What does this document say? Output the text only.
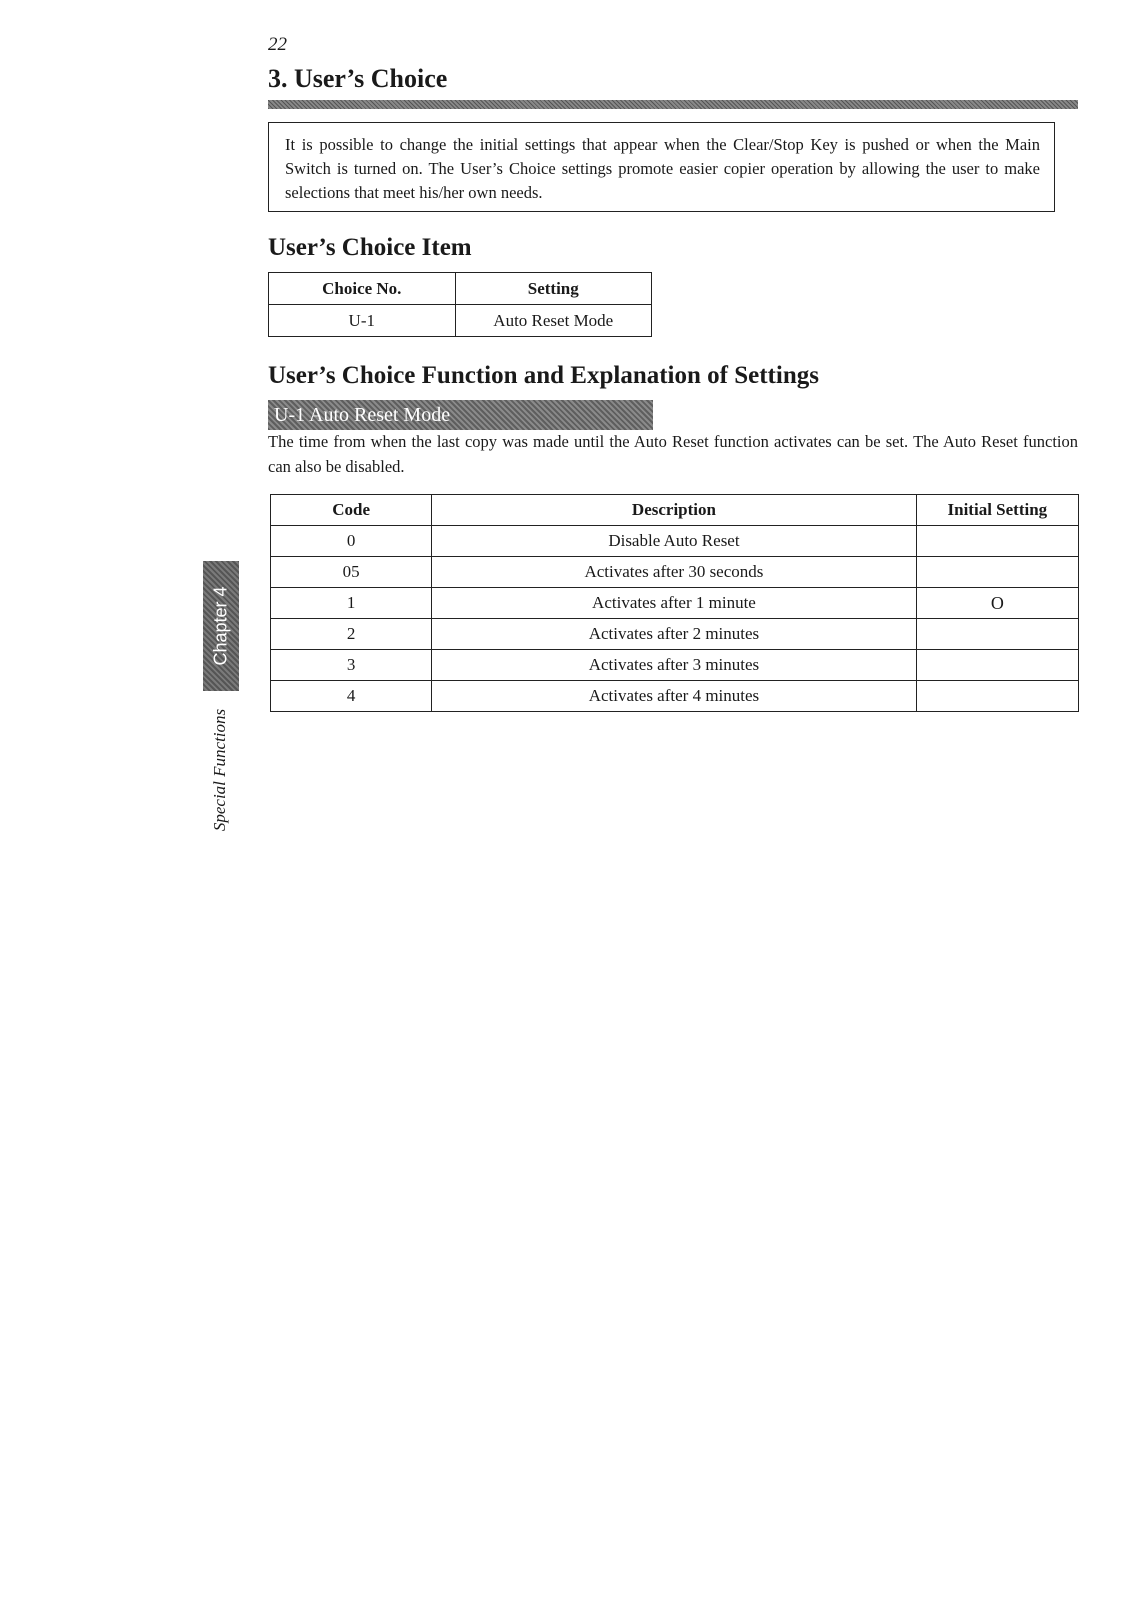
22
3. User’s Choice
It is possible to change the initial settings that appear when the Clear/Stop Key is pushed or when the Main Switch is turned on. The User’s Choice settings promote easier copier operation by allowing the user to make selections that meet his/her own needs.
User’s Choice Item
Choice No.	Setting
U-1	Auto Reset Mode
User’s Choice Function and Explanation of Settings
U-1 Auto Reset Mode
The time from when the last copy was made until the Auto Reset function activates can be set. The Auto Reset function can also be disabled.
Code	Description	Initial Setting
0	Disable Auto Reset	
05	Activates after 30 seconds	
1	Activates after 1 minute	O
2	Activates after 2 minutes	
3	Activates after 3 minutes	
4	Activates after 4 minutes	
Chapter 4
Special Functions
